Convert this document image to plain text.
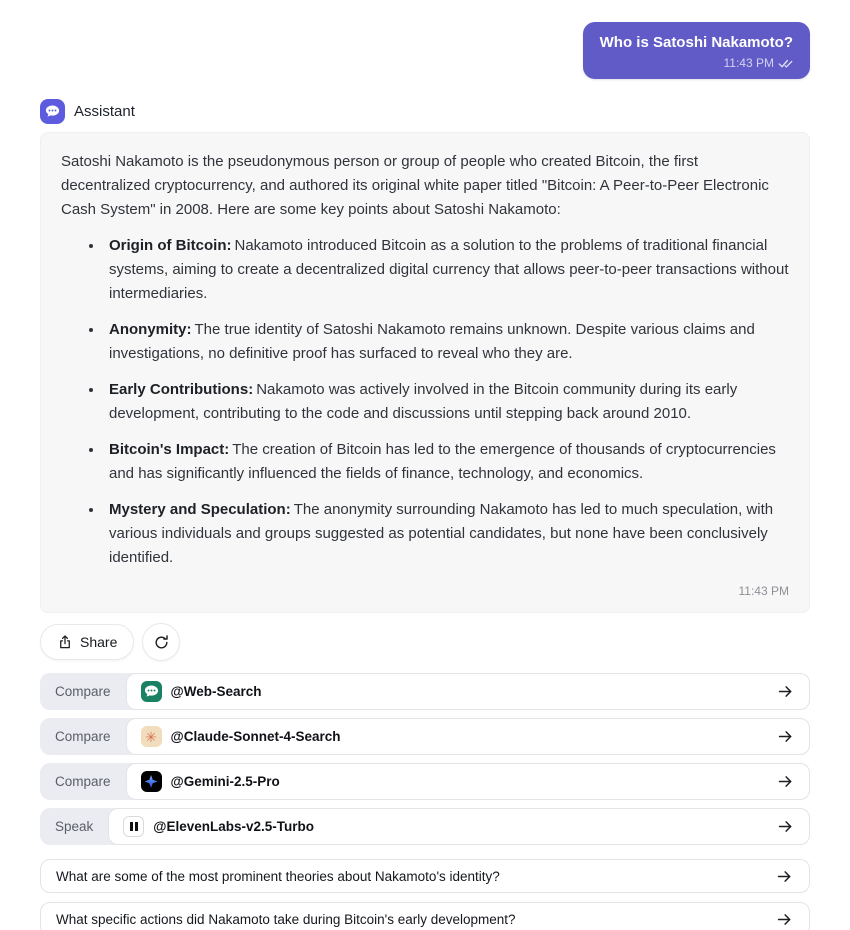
Who is Satoshi Nakamoto?
11:43 PM
Assistant

Satoshi Nakamoto is the pseudonymous person or group of people who created Bitcoin, the first decentralized cryptocurrency, and authored its original white paper titled "Bitcoin: A Peer-to-Peer Electronic Cash System" in 2008. Here are some key points about Satoshi Nakamoto:

• Origin of Bitcoin : Nakamoto introduced Bitcoin as a solution to the problems of traditional financial systems, aiming to create a decentralized digital currency that allows peer-to-peer transactions without intermediaries.
• Anonymity : The true identity of Satoshi Nakamoto remains unknown. Despite various claims and investigations, no definitive proof has surfaced to reveal who they are.
• Early Contributions : Nakamoto was actively involved in the Bitcoin community during its early development, contributing to the code and discussions until stepping back around 2010.
• Bitcoin's Impact : The creation of Bitcoin has led to the emergence of thousands of cryptocurrencies and has significantly influenced the fields of finance, technology, and economics.
• Mystery and Speculation : The anonymity surrounding Nakamoto has led to much speculation, with various individuals and groups suggested as potential candidates, but none have been conclusively identified.
11:43 PM
Share
Compare	@Web-Search
Compare	✳	@Claude-Sonnet-4-Search
Compare	@Gemini-2.5-Pro
Speak	@ElevenLabs-v2.5-Turbo
What are some of the most prominent theories about Nakamoto's identity?
What specific actions did Nakamoto take during Bitcoin's early development?
